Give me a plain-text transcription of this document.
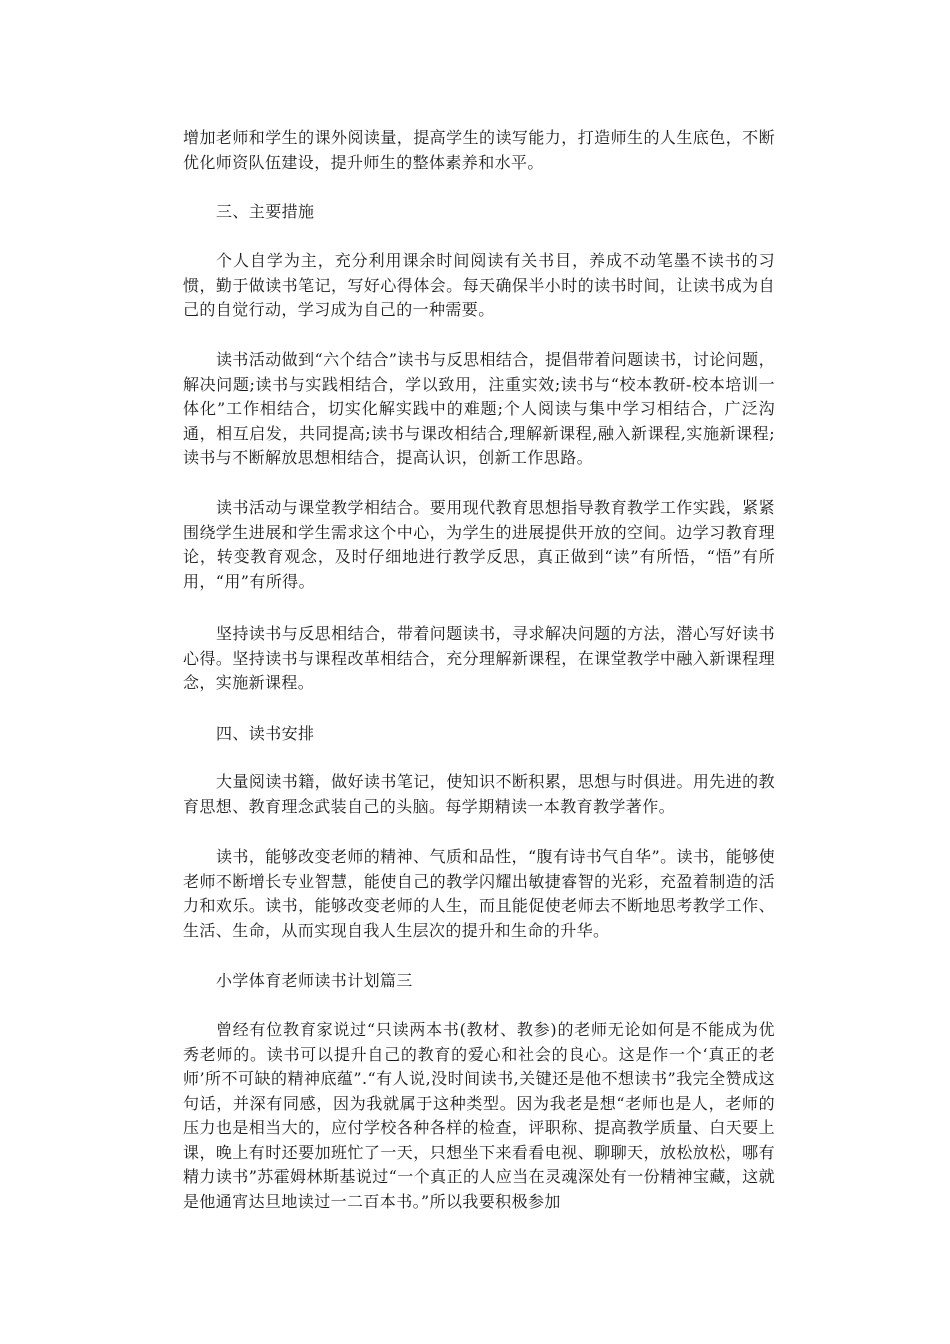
增加老师和学生的课外阅读量，提高学生的读写能力，打造师生的人生底色，不断优化师资队伍建设，提升师生的整体素养和水平。
三、主要措施
个人自学为主，充分利用课余时间阅读有关书目，养成不动笔墨不读书的习惯，勤于做读书笔记，写好心得体会。每天确保半小时的读书时间，让读书成为自己的自觉行动，学习成为自己的一种需要。
读书活动做到“六个结合”读书与反思相结合，提倡带着问题读书，讨论问题，解决问题;读书与实践相结合，学以致用，注重实效;读书与“校本教研-校本培训一体化”工作相结合，切实化解实践中的难题;个人阅读与集中学习相结合，广泛沟通，相互启发，共同提高;读书与课改相结合,理解新课程,融入新课程,实施新课程;读书与不断解放思想相结合，提高认识，创新工作思路。
读书活动与课堂教学相结合。要用现代教育思想指导教育教学工作实践，紧紧围绕学生进展和学生需求这个中心，为学生的进展提供开放的空间。边学习教育理论，转变教育观念，及时仔细地进行教学反思，真正做到“读”有所悟，“悟”有所用，“用”有所得。
坚持读书与反思相结合，带着问题读书，寻求解决问题的方法，潜心写好读书心得。坚持读书与课程改革相结合，充分理解新课程，在课堂教学中融入新课程理念，实施新课程。
四、读书安排
大量阅读书籍，做好读书笔记，使知识不断积累，思想与时俱进。用先进的教育思想、教育理念武装自己的头脑。每学期精读一本教育教学著作。
读书，能够改变老师的精神、气质和品性，“腹有诗书气自华”。读书，能够使老师不断增长专业智慧，能使自己的教学闪耀出敏捷睿智的光彩，充盈着制造的活力和欢乐。读书，能够改变老师的人生，而且能促使老师去不断地思考教学工作、生活、生命，从而实现自我人生层次的提升和生命的升华。
小学体育老师读书计划篇三
曾经有位教育家说过“只读两本书(教材、教参)的老师无论如何是不能成为优秀老师的。读书可以提升自己的教育的爱心和社会的良心。这是作一个‘真正的老师’所不可缺的精神底蕴”.“有人说,没时间读书,关键还是他不想读书”我完全赞成这句话，并深有同感，因为我就属于这种类型。因为我老是想“老师也是人，老师的压力也是相当大的，应付学校各种各样的检查，评职称、提高教学质量、白天要上课，晚上有时还要加班忙了一天，只想坐下来看看电视、聊聊天，放松放松，哪有精力读书”苏霍姆林斯基说过“一个真正的人应当在灵魂深处有一份精神宝藏，这就是他通宵达旦地读过一二百本书。”所以我要积极参加
